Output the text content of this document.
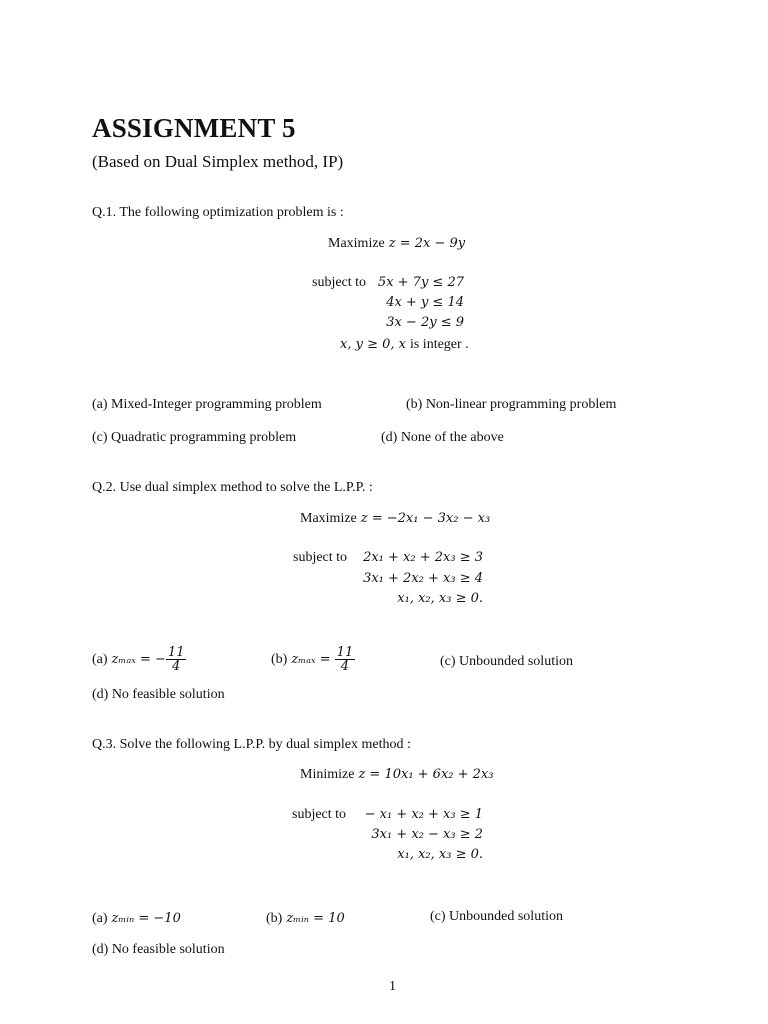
ASSIGNMENT 5
(Based on Dual Simplex method, IP)
Q.1. The following optimization problem is :
Maximize z = 2x − 9y
subject to 5x + 7y ≤ 27
4x + y ≤ 14
3x − 2y ≤ 9
x, y ≥ 0, x is integer .
(a) Mixed-Integer programming problem	(b) Non-linear programming problem
(c) Quadratic programming problem	(d) None of the above
Q.2. Use dual simplex method to solve the L.P.P. :
Maximize z = −2x₁ − 3x₂ − x₃
subject to	2x₁ + x₂ + 2x₃ ≥ 3
3x₁ + 2x₂ + x₃ ≥ 4
x₁, x₂, x₃ ≥ 0.
(a) zₘₐₓ = − $\frac{11}{4}$	(b) $z_{max} = \frac{11}{4}$	(c) Unbounded solution
(d) No feasible solution
Q.3. Solve the following L.P.P. by dual simplex method :
Minimize z = 10x₁ + 6x₂ + 2x₃
subject to	− x₁ + x₂ + x₃ ≥ 1
3x₁ + x₂ − x₃ ≥ 2
x₁, x₂, x₃ ≥ 0.
(a) zₘᵢₙ = −10	(b) zₘᵢₙ = 10	(c) Unbounded solution
(d) No feasible solution
1
